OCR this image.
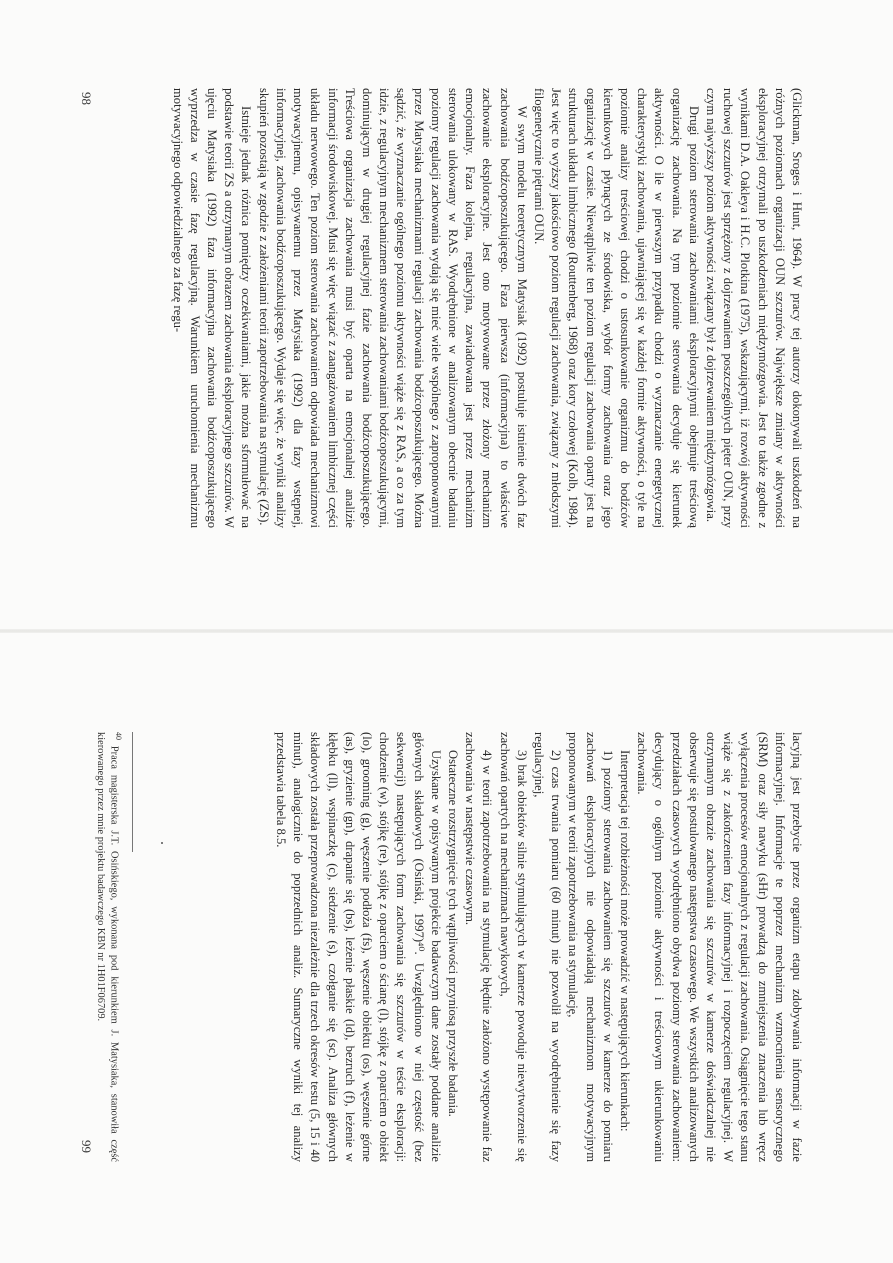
(Glickman, Sroges i Hunt, 1964). W pracy tej autorzy dokonywali uszkodzeń na różnych poziomach organizacji OUN szczurów. Największe zmiany w aktywności eksploracyjnej otrzymali po uszkodzeniach międzymózgowia. Jest to także zgodne z wynikami D.A. Oakleya i H.C. Plotkina (1975), wskazującymi, iż rozwój aktywności ruchowej szczurów jest sprzężony z dojrzewaniem poszczególnych pięter OUN, przy czym najwyższy poziom aktywności związany był z dojrzewaniem międzymózgowia.

Drugi poziom sterowania zachowaniami eksploracyjnymi obejmuje treściową organizację zachowania. Na tym poziomie sterowania decyduje się kierunek aktywności. O ile w pierwszym przypadku chodzi o wyznaczanie energetycznej charakterystyki zachowania, ujawniającej się w każdej formie aktywności, o tyle na poziomie analizy treściowej chodzi o ustosunkowanie organizmu do bodźców kierunkowych płynących ze środowiska, wybór formy zachowania oraz jego organizację w czasie. Niewątpliwie ten poziom regulacji zachowania oparty jest na strukturach układu limbicznego (Routtenberg, 1968) oraz kory czołowej (Kolb, 1984). Jest więc to wyższy jakościowo poziom regulacji zachowania, związany z młodszymi filogenetycznie piętrami OUN.

W swym modelu teoretycznym Matysiak (1992) postuluje istnienie dwóch faz zachowania bodźcoposzukującego. Faza pierwsza (informacyjna) to właściwe zachowanie eksploracyjne. Jest ono motywowane przez złożony mechanizm emocjonalny. Faza kolejna, regulacyjna, zawiadowana jest przez mechanizm sterowania ulokowany w RAS. Wyodrębnione w analizowanym obecnie badaniu poziomy regulacji zachowania wydają się mieć wiele wspólnego z zaproponowanymi przez Matysiaka mechanizmami regulacji zachowania bodźcoposzukującego. Można sądzić, że wyznaczanie ogólnego poziomu aktywności wiąże się z RAS, a co za tym idzie, z regulacyjnym mechanizmem sterowania zachowaniami bodźcoposzukującymi, dominującym w drugiej regulacyjnej fazie zachowania bodźcoposzukującego. Treściowa organizacja zachowania musi być oparta na emocjonalnej analizie informacji środowiskowej. Musi się więc wiązać z zaangażowaniem limbicznej części układu nerwowego. Ten poziom sterowania zachowaniem odpowiada mechanizmowi motywacyjnemu, opisywanemu przez Matysiaka (1992) dla fazy wstępnej, informacyjnej, zachowania bodźcoposzukującego. Wydaje się więc, że wyniki analizy skupień pozostają w zgodzie z założeniami teorii zapotrzebowania na stymulację (ZS).

Istnieje jednak różnica pomiędzy oczekiwaniami, jakie można sformułować na podstawie teorii ZS a otrzymanym obrazem zachowania eksploracyjnego szczurów. W ujęciu Matysiaka (1992) faza informacyjna zachowania bodźcoposzukującego wyprzedza w czasie fazę regulacyjną. Warunkiem uruchomienia mechanizmu motywacyjnego odpowiedzialnego za fazę regu-

98

lacyjną jest przebycie przez organizm etapu zdobywania informacji w fazie informacyjnej. Informacje te poprzez mechanizm wzmocnienia sensorycznego (SRM) oraz siły nawyku (sHr) prowadzą do zmniejszenia znaczenia lub wręcz wyłączenia procesów emocjonalnych z regulacji zachowania. Osiągnięcie tego stanu wiąże się z zakończeniem fazy informacyjnej i rozpoczęciem regulacyjnej. W otrzymanym obrazie zachowania się szczurów w kamerze doświadczalnej nie obserwuje się postulowanego następstwa czasowego. We wszystkich analizowanych przedziałach czasowych wyodrębniono obydwa poziomy sterowania zachowaniem: decydujący o ogólnym poziomie aktywności i treściowym ukierunkowaniu zachowania.

Interpretacja tej rozbieżności może prowadzić w następujących kierunkach:

1) poziomy sterowania zachowaniem się szczurów w kamerze do pomiaru zachowań eksploracyjnych nie odpowiadają mechanizmom motywacyjnym proponowanym w teorii zapotrzebowania na stymulację,

2) czas trwania pomiaru (60 minut) nie pozwolił na wyodrębnienie się fazy regulacyjnej,

3) brak obiektów silnie stymulujących w kamerze powoduje niewytworzenie się zachowań opartych na mechanizmach nawykowych,

4) w teorii zapotrzebowania na stymulację błędnie założono występowanie faz zachowania w następstwie czasowym.

Ostateczne rozstrzygnięcie tych wątpliwości przyniosą przyszłe badania.

Uzyskane w opisywanym projekcie badawczym dane zostały poddane analizie głównych składowych (Osiński, 1997)⁴⁰. Uwzględniono w niej częstość (bez sekwencji) następujących form zachowania się szczurów w teście eksploracji: chodzenie (w), stójkę (re), stójkę z oparciem o ścianę (l), stójkę z oparciem o obiekt (lo), grooming (g), węszenie podłoża (fs), węszenie obiektu (os), węszenie górne (as), gryzienie (gn), drapanie się (bs), leżenie płaskie (ld), bezruch (f), leżenie w kłębku (ll), wspinaczkę (c), siedzenie (s), czołganie się (sc). Analiza głównych składowych została przeprowadzona niezależnie dla trzech okresów testu (5, 15 i 40 minut), analogicznie do poprzednich analiz. Sumaryczne wyniki tej analizy przedstawia tabela 8.5.

$^{40}$ Praca magisterska J.T. Osińskiego, wykonana pod kierunkiem J. Matysiaka, stanowiła część kierowanego przez mnie projektu badawczego KBN nr 1H01F06709.
99
